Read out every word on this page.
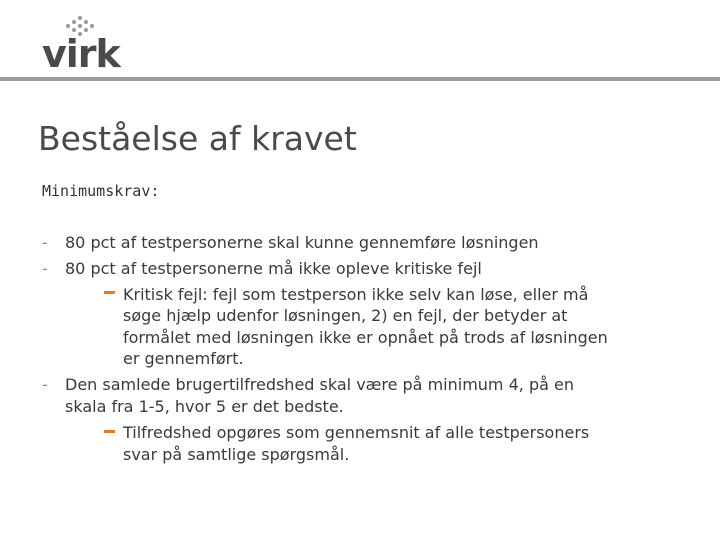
virk
Beståelse af kravet
Minimumskrav:
- 80 pct af testpersonerne skal kunne gennemføre løsningen
- 80 pct af testpersonerne må ikke opleve kritiske fejl
Kritisk fejl: fejl som testperson ikke selv kan løse, eller må
søge hjælp udenfor løsningen, 2) en fejl, der betyder at
formålet med løsningen ikke er opnået på trods af løsningen
er gennemført.
- Den samlede brugertilfredshed skal være på minimum 4, på en
skala fra 1-5, hvor 5 er det bedste.
Tilfredshed opgøres som gennemsnit af alle testpersoners
svar på samtlige spørgsmål.
